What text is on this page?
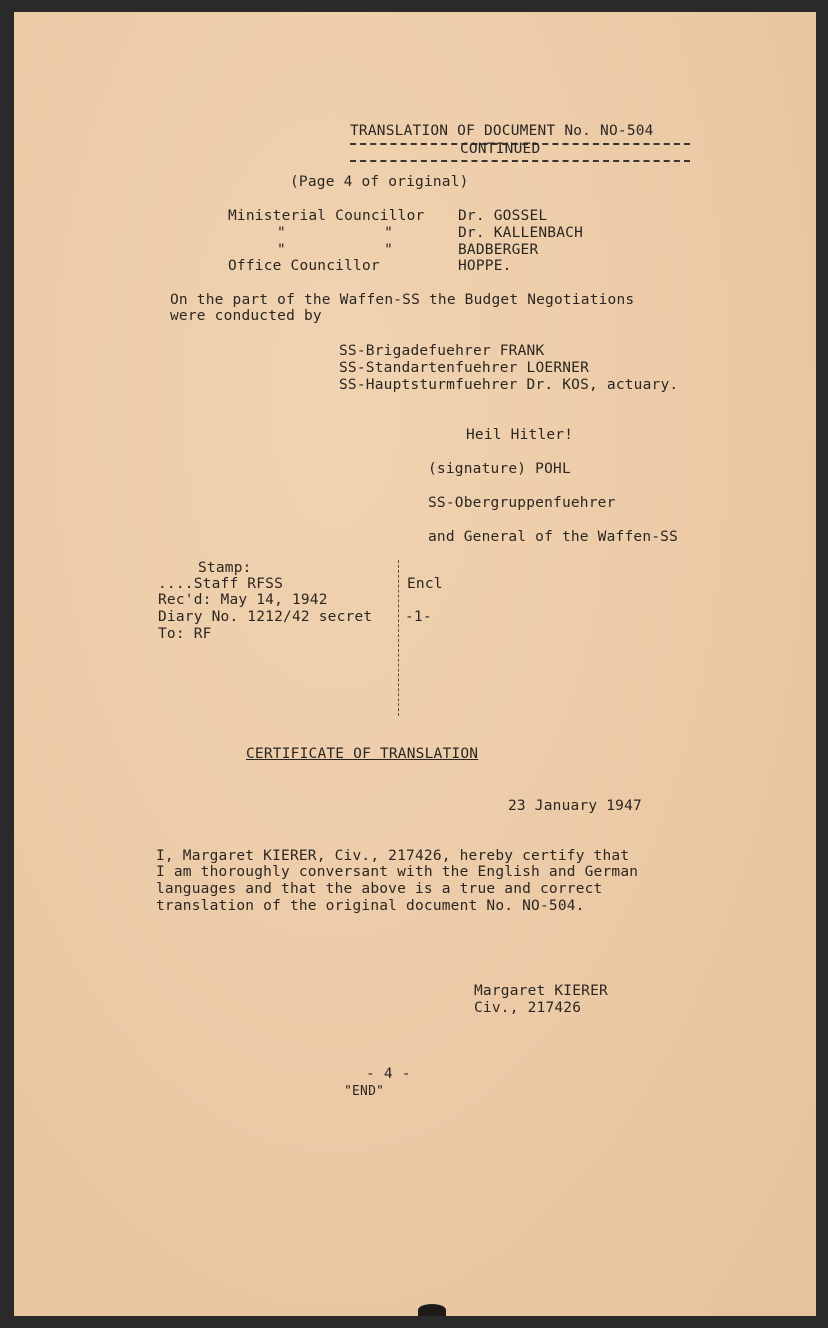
TRANSLATION OF DOCUMENT No. NO-504
CONTINUED
(Page 4 of original)
Ministerial Councillor Dr. GOSSEL
"           "	Dr. KALLENBACH
"           "	BADBERGER
Office Councillor	HOPPE.
On the part of the Waffen-SS the Budget Negotiations
were conducted by
SS-Brigadefuehrer FRANK
SS-Standartenfuehrer LOERNER
SS-Hauptsturmfuehrer Dr. KOS, actuary.
Heil Hitler!
(signature) POHL
SS-Obergruppenfuehrer
and General of the Waffen-SS
Stamp:
....Staff RFSS
Rec'd: May 14, 1942
Diary No. 1212/42 secret
To: RF
Encl
-1-
CERTIFICATE OF TRANSLATION
23 January 1947
I, Margaret KIERER, Civ., 217426, hereby certify that
I am thoroughly conversant with the English and German
languages and that the above is a true and correct
translation of the original document No. NO-504.
Margaret KIERER
Civ., 217426
- 4 -
"END"
